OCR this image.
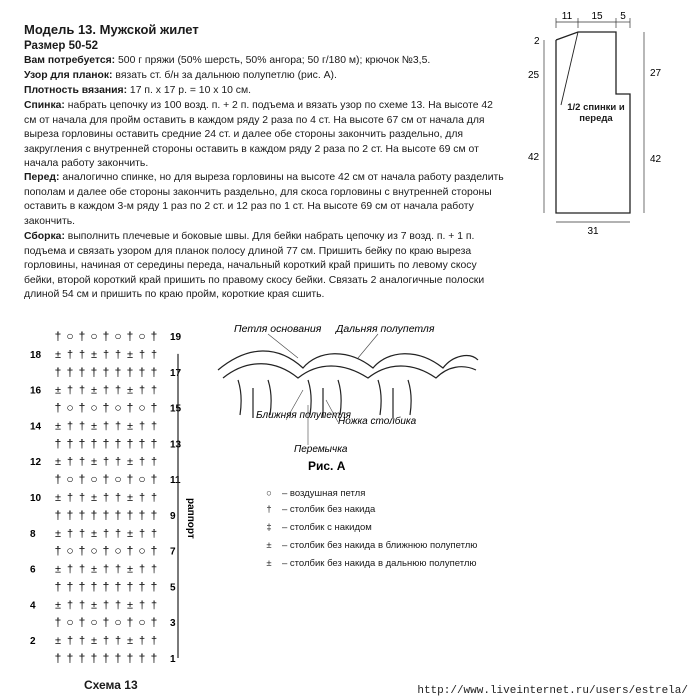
Модель 13. Мужской жилет
Размер 50-52
Вам потребуется: 500 г пряжи (50% шерсть, 50% ангора; 50 г/180 м); крючок №3,5.
Узор для планок: вязать ст. б/н за дальнюю полупетлю (рис. А).
Плотность вязания: 17 п. х 17 р. = 10 х 10 см.
Спинка: набрать цепочку из 100 возд. п. + 2 п. подъема и вязать узор по схеме 13. На высоте 42 см от начала для пройм оставить в каждом ряду 2 раза по 4 ст. На высоте 67 см от начала для выреза горловины оставить средние 24 ст. и далее обе стороны закончить раздельно, для закругления с внутренней стороны оставить в каждом ряду 2 раза по 2 ст. На высоте 69 см от начала работу закончить.
Перед: аналогично спинке, но для выреза горловины на высоте 42 см от начала работу разделить пополам и далее обе стороны закончить раздельно, для скоса горловины с внутренней стороны оставить в каждом 3-м ряду 1 раз по 2 ст. и 12 раз по 1 ст. На высоте 69 см от начала работу закончить.
Сборка: выполнить плечевые и боковые швы. Для бейки набрать цепочку из 7 возд. п. + 1 п. подъема и связать узором для планок полосу длиной 77 см. Пришить бейку по краю выреза горловины, начиная от середины переда, начальный короткий край пришить по левому скосу бейки, второй короткий край пришить по правому скосу бейки. Связать 2 аналогичные полоски длиной 54 см и пришить по краю пройм, короткие края сшить.
11 15 5
2
25	27
42	42
31
1/2 спинки и переда
Петля основания Дальняя полупетля
Ближняя полупетля
Ножка столбика
Перемычка
Рис. А
○	– воздушная петля
†	– столбик без накида
‡	– столбик с накидом
±	– столбик без накида в ближнюю полупетлю
±	– столбик без накида в дальнюю полупетлю
† ○ † ○ † ○ † ○ † 19
± † † ± † † ± † †
18
† † † † † † † † † 17
± † † ± † † ± † †
16
† ○ † ○ † ○ † ○ † 15
± † † ± † † ± † †
14
† † † † † † † † † 13
± † † ± † † ± † †
12
† ○ † ○ † ○ † ○ † 11
± † † ± † † ± † †
10
† † † † † † † † † 9
± † † ± † † ± † †
8
† ○ † ○ † ○ † ○ † 7
± † † ± † † ± † †
6
† † † † † † † † † 5
± † † ± † † ± † †
4
† ○ † ○ † ○ † ○ † 3
± † † ± † † ± † †
2
† † † † † † † † † 1
раппорт
Схема 13	http://www.liveinternet.ru/users/estrela/
